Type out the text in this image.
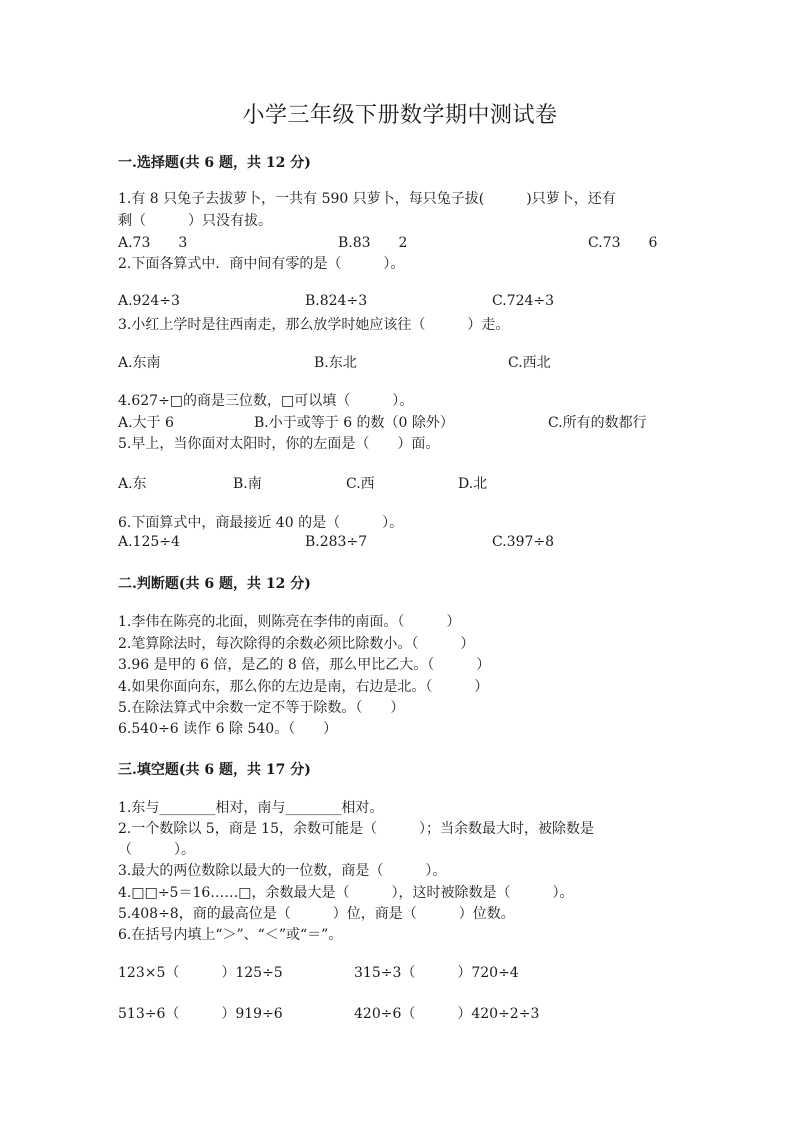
小学三年级下册数学期中测试卷
一.选择题(共 6 题，共 12 分)
1.有 8 只兔子去拔萝卜，一共有 590 只萝卜，每只兔子拔(　　　)只萝卜，还有
剩（　　　）只没有拔。
A.73　　3	B.83　　2	C.73　　6
2.下面各算式中．商中间有零的是（　　　）。
A.924÷3	B.824÷3	C.724÷3
3.小红上学时是往西南走，那么放学时她应该往（　　　）走。
A.东南	B.东北	C.西北
4.627÷□的商是三位数，□可以填（　　　）。
A.大于 6	B.小于或等于 6 的数（0 除外）	C.所有的数都行
5.早上，当你面对太阳时，你的左面是（　　）面。
A.东	B.南	C.西	D.北
6.下面算式中，商最接近 40 的是（　　　）。
A.125÷4	B.283÷7	C.397÷8
二.判断题(共 6 题，共 12 分)
1.李伟在陈亮的北面，则陈亮在李伟的南面。（　　　）
2.笔算除法时，每次除得的余数必须比除数小。（　　　）
3.96 是甲的 6 倍，是乙的 8 倍，那么甲比乙大。（　　　）
4.如果你面向东，那么你的左边是南，右边是北。（　　　）
5.在除法算式中余数一定不等于除数。（　　）
6.540÷6 读作 6 除 540。（　　）
三.填空题(共 6 题，共 17 分)
1.东与________相对，南与________相对。
2.一个数除以 5，商是 15，余数可能是（　　　）；当余数最大时，被除数是
（　　　）。
3.最大的两位数除以最大的一位数，商是（　　　）。
4.□□÷5＝16……□，余数最大是（　　　），这时被除数是（　　　）。
5.408÷8，商的最高位是（　　　）位，商是（　　　）位数。
6.在括号内填上“＞”、“＜”或“＝”。
123×5（　　　）125÷5	315÷3（　　　）720÷4
513÷6（　　　）919÷6	420÷6（　　　）420÷2÷3
